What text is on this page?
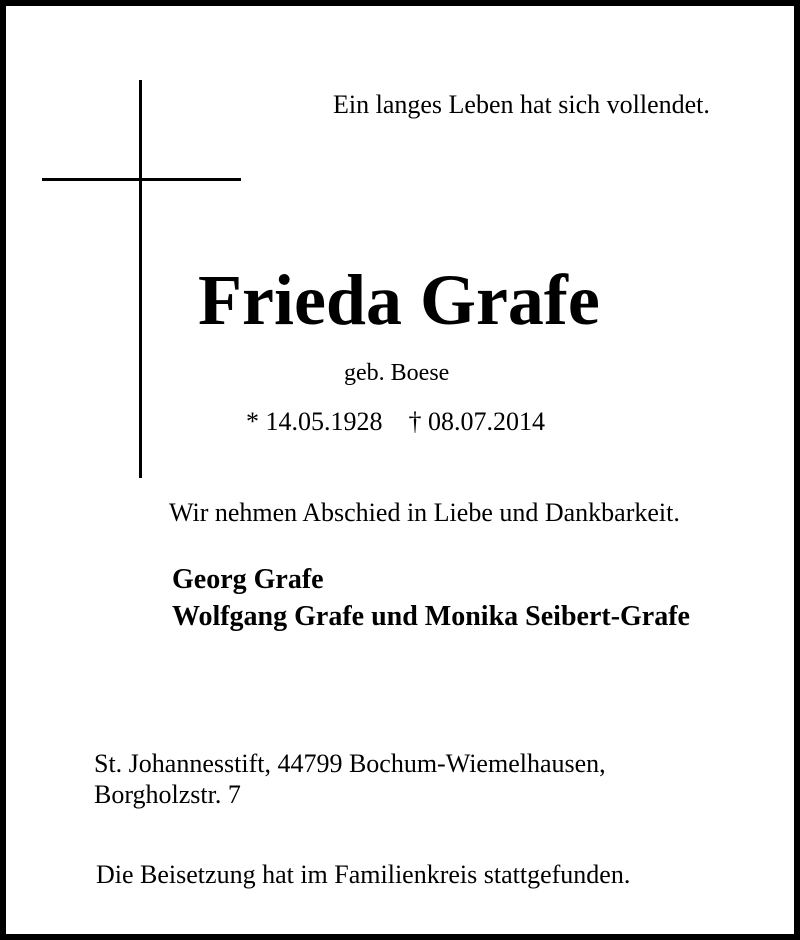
Ein langes Leben hat sich vollendet.
Frieda Grafe
geb. Boese
* 14.05.1928 † 08.07.2014
Wir nehmen Abschied in Liebe und Dankbarkeit.
Georg Grafe
Wolfgang Grafe und Monika Seibert-Grafe
St. Johannesstift, 44799 Bochum-Wiemelhausen,
Borgholzstr. 7
Die Beisetzung hat im Familienkreis stattgefunden.
